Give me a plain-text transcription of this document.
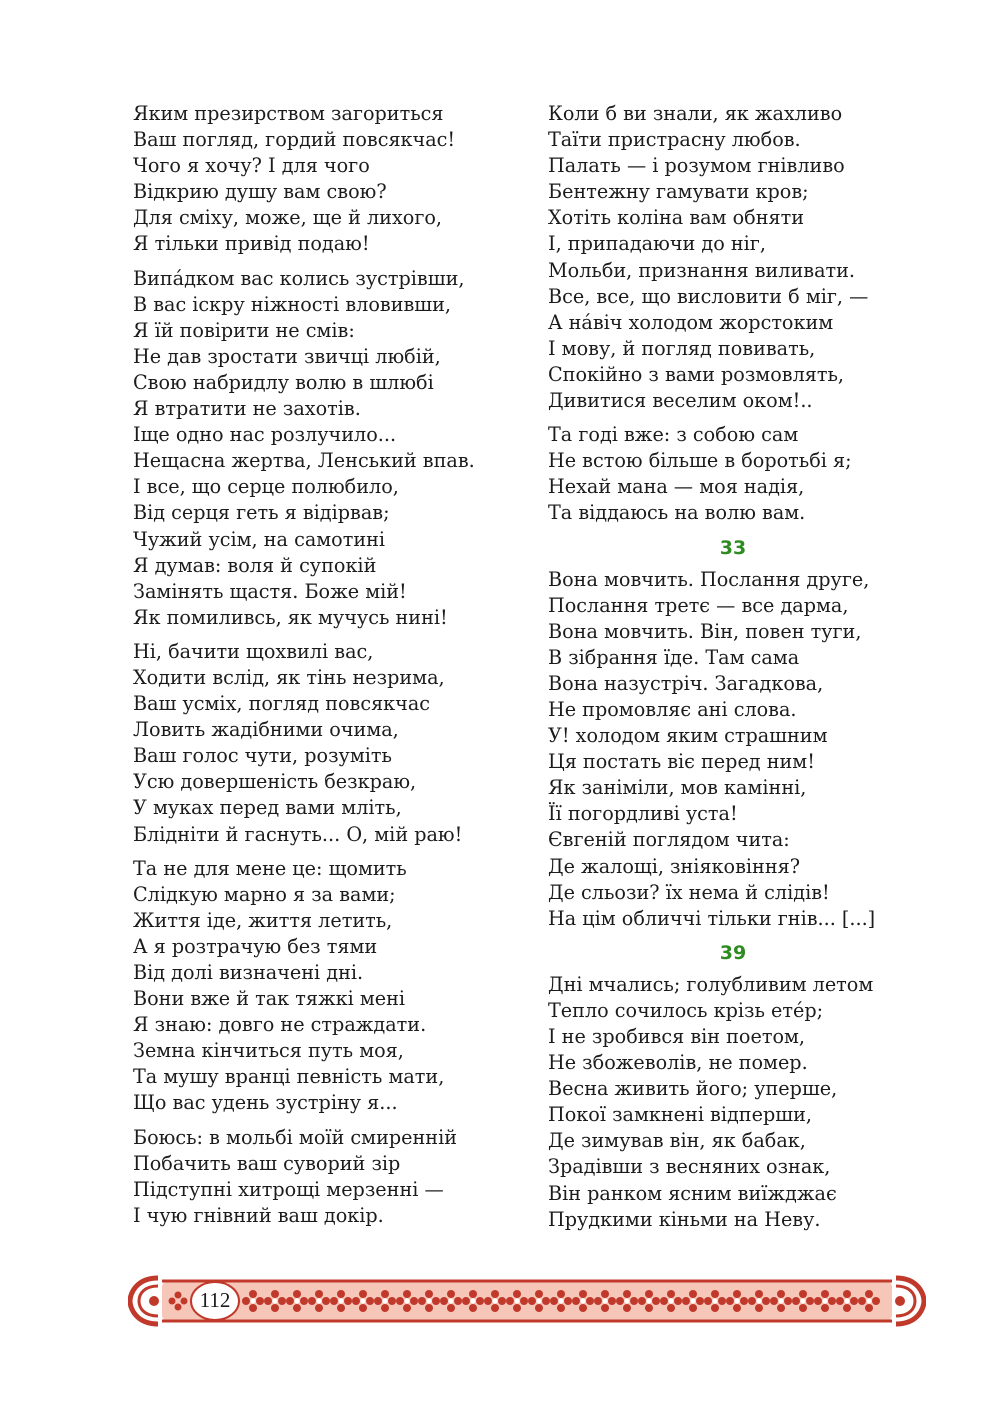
Яким презирством загориться
Ваш погляд, гордий повсякчас!
Чого я хочу? І для чого
Відкрию душу вам свою?
Для сміху, може, ще й лихого,
Я тільки привід подаю!
Випáдком вас колись зустрівши,
В вас іскру ніжності вловивши,
Я їй повірити не смів:
Не дав зростати звичці любій,
Свою набридлу волю в шлюбі
Я втратити не захотів.
Іще одно нас розлучило...
Нещасна жертва, Ленський впав.
І все, що серце полюбило,
Від серця геть я відірвав;
Чужий усім, на самотині
Я думав: воля й супокій
Замінять щастя. Боже мій!
Як помиливсь, як мучусь нині!
Ні, бачити щохвилі вас,
Ходити вслід, як тінь незрима,
Ваш усміх, погляд повсякчас
Ловить жадібними очима,
Ваш голос чути, розуміть
Усю довершеність безкраю,
У муках перед вами мліть,
Блідніти й гаснуть... О, мій раю!
Та не для мене це: щомить
Слідкую марно я за вами;
Життя іде, життя летить,
А я розтрачую без тями
Від долі визначені дні.
Вони вже й так тяжкі мені
Я знаю: довго не страждати.
Земна кінчиться путь моя,
Та мушу вранці певність мати,
Що вас удень зустріну я...
Боюсь: в мольбі моїй смиренній
Побачить ваш суворий зір
Підступні хитрощі мерзенні —
І чую гнівний ваш докір.
Коли б ви знали, як жахливо
Таїти пристрасну любов.
Палать — і розумом гнівливо
Бентежну гамувати кров;
Хотіть коліна вам обняти
І, припадаючи до ніг,
Мольби, признання виливати.
Все, все, що висловити б міг, —
А нáвіч холодом жорстоким
І мову, й погляд повивать,
Спокійно з вами розмовлять,
Дивитися веселим оком!..
Та годі вже: з собою сам
Не встою більше в боротьбі я;
Нехай мана — моя надія,
Та віддаюсь на волю вам.
33
Вона мовчить. Послання друге,
Послання третє — все дарма,
Вона мовчить. Він, повен туги,
В зібрання їде. Там сама
Вона назустріч. Загадкова,
Не промовляє ані слова.
У! холодом яким страшним
Ця постать віє перед ним!
Як заніміли, мов камінні,
Її погордливі уста!
Євгеній поглядом чита:
Де жалощі, зніяковіння?
Де сльози? їх нема й слідів!
На цім обличчі тільки гнів... [...]
39
Дні мчались; голубливим летом
Тепло сочилось крізь етéр;
І не зробився він поетом,
Не збожеволів, не помер.
Весна живить його; уперше,
Покої замкнені відперши,
Де зимував він, як бабак,
Зрадівши з весняних ознак,
Він ранком ясним виїжджає
Прудкими кіньми на Неву.
112
